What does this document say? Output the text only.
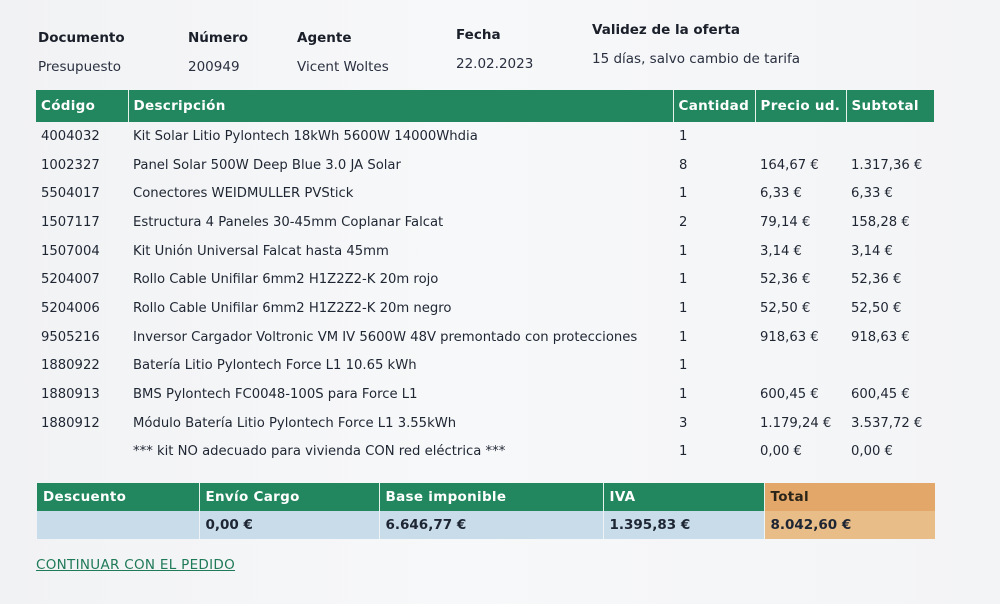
Documento
Presupuesto
Número
200949
Agente
Vicent Woltes
Fecha
22.02.2023
Validez de la oferta
15 días, salvo cambio de tarifa
Código	Descripción	Cantidad	Precio ud.	Subtotal
4004032	Kit Solar Litio Pylontech 18kWh 5600W 14000Whdia	1		
1002327	Panel Solar 500W Deep Blue 3.0 JA Solar	8	164,67 €	1.317,36 €
5504017	Conectores WEIDMULLER PVStick	1	6,33 €	6,33 €
1507117	Estructura 4 Paneles 30-45mm Coplanar Falcat	2	79,14 €	158,28 €
1507004	Kit Unión Universal Falcat hasta 45mm	1	3,14 €	3,14 €
5204007	Rollo Cable Unifilar 6mm2 H1Z2Z2-K 20m rojo	1	52,36 €	52,36 €
5204006	Rollo Cable Unifilar 6mm2 H1Z2Z2-K 20m negro	1	52,50 €	52,50 €
9505216	Inversor Cargador Voltronic VM IV 5600W 48V premontado con protecciones	1	918,63 €	918,63 €
1880922	Batería Litio Pylontech Force L1 10.65 kWh	1		
1880913	BMS Pylontech FC0048-100S para Force L1	1	600,45 €	600,45 €
1880912	Módulo Batería Litio Pylontech Force L1 3.55kWh	3	1.179,24 €	3.537,72 €
	*** kit NO adecuado para vivienda CON red eléctrica ***	1	0,00 €	0,00 €
Descuento	Envío Cargo	Base imponible	IVA	Total
	0,00 €	6.646,77 €	1.395,83 €	8.042,60 €
CONTINUAR CON EL PEDIDO
